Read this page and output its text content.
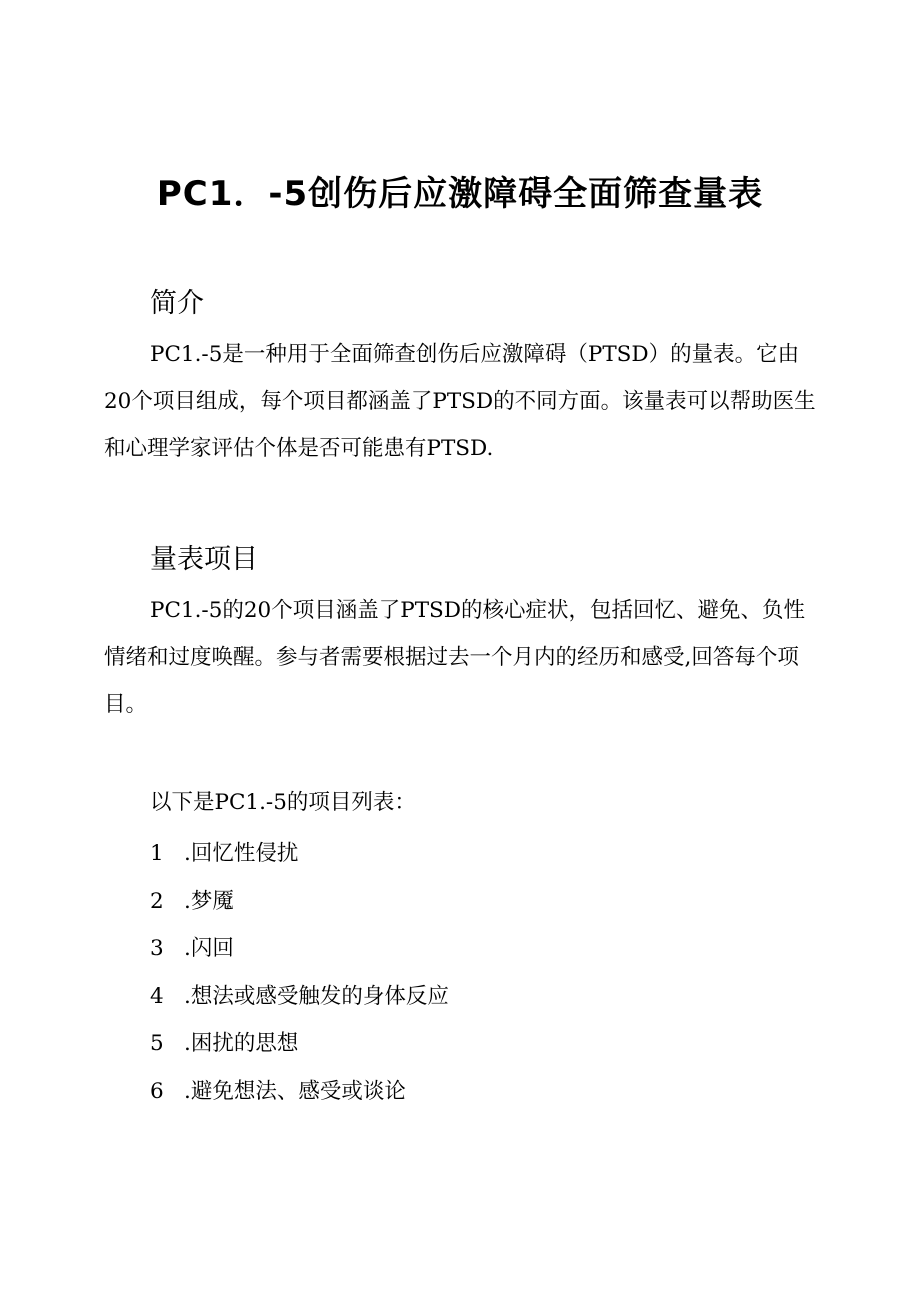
PC1．-5创伤后应激障碍全面筛查量表
简介

PC1.-5是一种用于全面筛查创伤后应激障碍（PTSD）的量表。它由20个项目组成，每个项目都涵盖了PTSD的不同方面。该量表可以帮助医生和心理学家评估个体是否可能患有PTSD.

量表项目

PC1.-5的20个项目涵盖了PTSD的核心症状，包括回忆、避免、负性情绪和过度唤醒。参与者需要根据过去一个月内的经历和感受,回答每个项目。

以下是PC1.-5的项目列表：
1 .回忆性侵扰
2 .梦魇
3 .闪回
4 .想法或感受触发的身体反应
5 .困扰的思想
6 .避免想法、感受或谈论
